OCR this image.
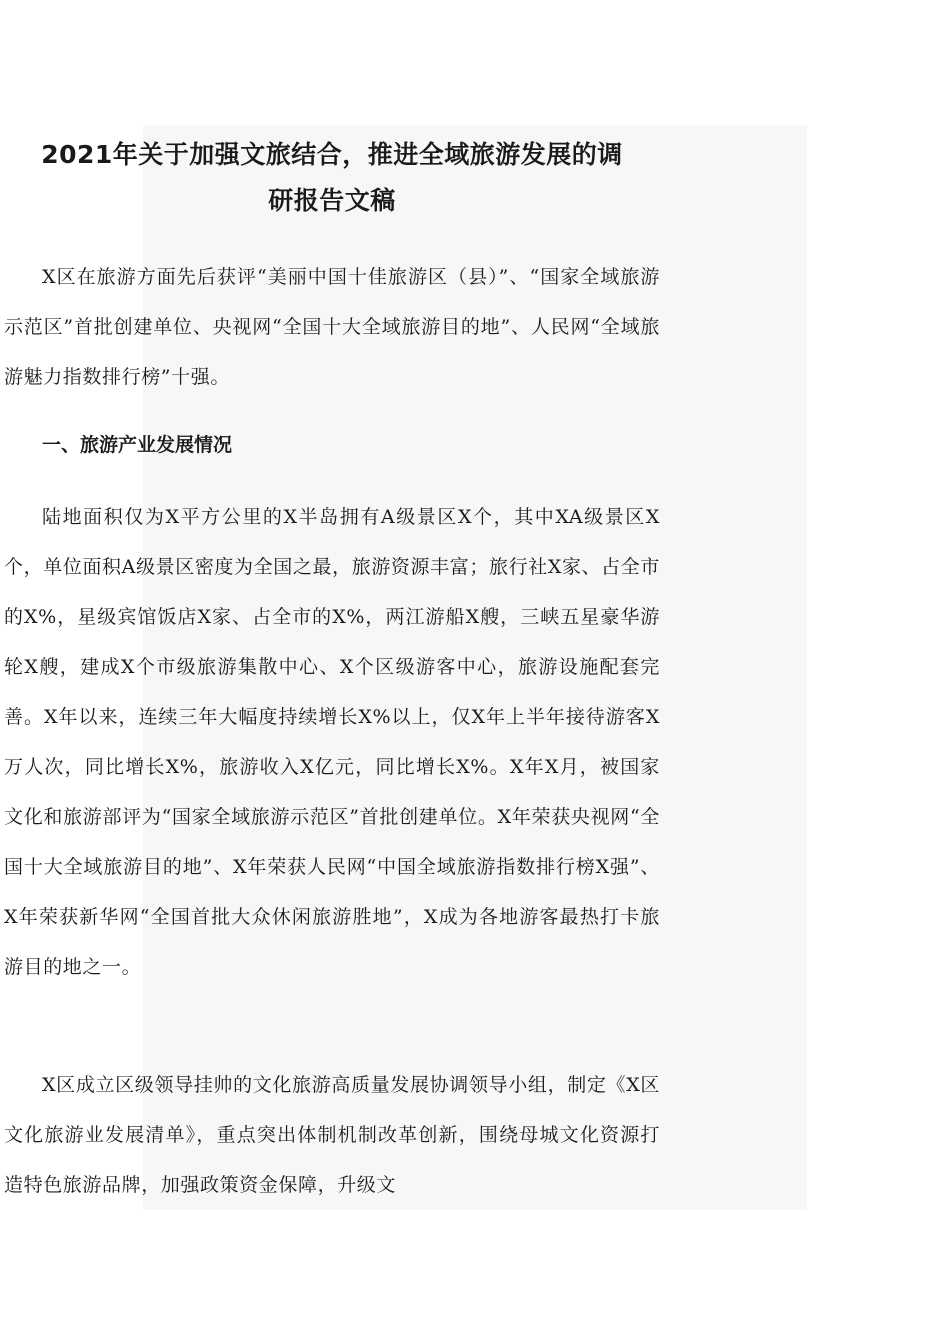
2021年关于加强文旅结合，推进全域旅游发展的调
研报告文稿

X区在旅游方面先后获评“美丽中国十佳旅游区（县）”、“国家全域旅游示范区”首批创建单位、央视网“全国十大全域旅游目的地”、人民网“全域旅游魅力指数排行榜”十强。

一、旅游产业发展情况

陆地面积仅为X平方公里的X半岛拥有A级景区X个，其中XA级景区X个，单位面积A级景区密度为全国之最，旅游资源丰富；旅行社X家、占全市的X%，星级宾馆饭店X家、占全市的X%，两江游船X艘，三峡五星豪华游轮X艘，建成X个市级旅游集散中心、X个区级游客中心，旅游设施配套完善。X年以来，连续三年大幅度持续增长X%以上，仅X年上半年接待游客X万人次，同比增长X%，旅游收入X亿元，同比增长X%。X年X月，被国家文化和旅游部评为“国家全域旅游示范区”首批创建单位。X年荣获央视网“全国十大全域旅游目的地”、X年荣获人民网“中国全域旅游指数排行榜X强”、X年荣获新华网“全国首批大众休闲旅游胜地”，X成为各地游客最热打卡旅游目的地之一。

X区成立区级领导挂帅的文化旅游高质量发展协调领导小组，制定《X区文化旅游业发展清单》，重点突出体制机制改革创新，围绕母城文化资源打造特色旅游品牌，加强政策资金保障，升级文
